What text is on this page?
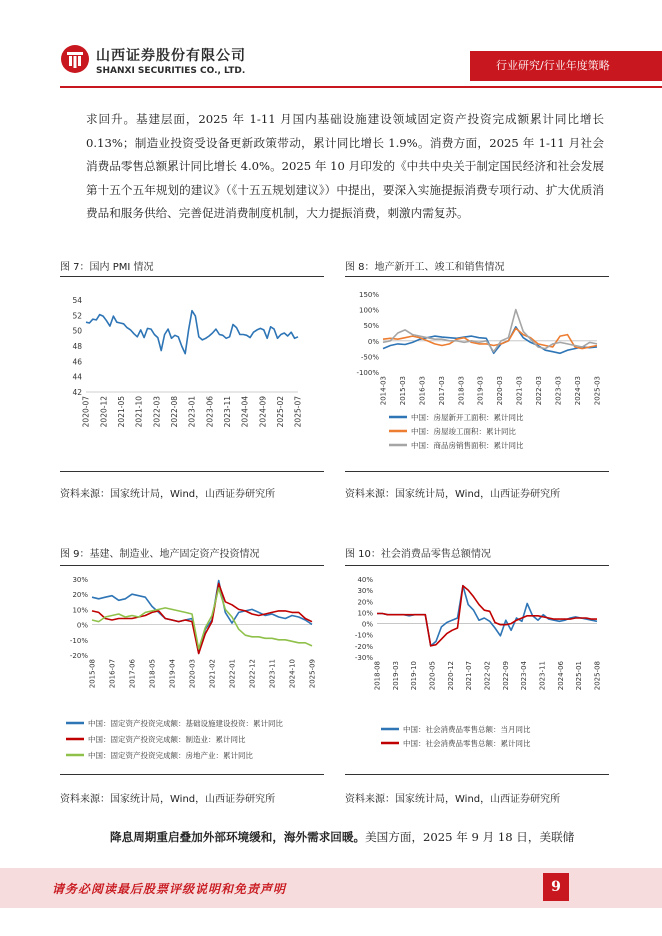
山西证券股份有限公司
SHANXI SECURITIES CO., LTD.	行业研究/行业年度策略
求回升。基建层面，2025 年 1-11 月国内基础设施建设领域固定资产投资完成额累计同比增长 0.13%；制造业投资受设备更新政策带动，累计同比增长 1.9%。消费方面，2025 年 1-11 月社会消费品零售总额累计同比增长 4.0%。2025 年 10 月印发的《中共中央关于制定国民经济和社会发展第十五个五年规划的建议》（《十五五规划建议》）中提出，要深入实施提振消费专项行动、扩大优质消费品和服务供给、完善促进消费制度机制，大力提振消费，刺激内需复苏。
图 7：国内 PMI 情况
42
44
46
48
50
52
54
2020-07 2020-12 2021-05 2021-10 2022-03 2022-08 2023-01 2023-06 2023-11 2024-04 2024-09 2025-02 2025-07
资料来源：国家统计局，Wind，山西证券研究所
图 8：地产新开工、竣工和销售情况
-100%
-50%
0%
50%
100%
150%
2014-03 2015-03 2016-03 2017-03 2018-03 2019-03 2020-03 2021-03 2022-03 2023-03 2024-03 2025-03
中国：房屋新开工面积：累计同比
中国：房屋竣工面积：累计同比
中国：商品房销售面积：累计同比
资料来源：国家统计局，Wind，山西证券研究所
图 9：基建、制造业、地产固定资产投资情况
-20%
-10%
0%
10%
20%
30%
2015-08 2016-07 2017-06 2018-05 2019-04 2020-03 2021-02 2022-01 2022-12 2023-11 2024-10 2025-09
中国：固定资产投资完成额：基础设施建设投资：累计同比
中国：固定资产投资完成额：制造业：累计同比
中国：固定资产投资完成额：房地产业：累计同比
资料来源：国家统计局，Wind，山西证券研究所
图 10：社会消费品零售总额情况
-30%
-20%
-10%
0%
10%
20%
30%
40%
2018-08 2019-03 2019-10 2020-05 2020-12 2021-07 2022-02 2022-09 2023-04 2023-11 2024-06 2025-01 2025-08
中国：社会消费品零售总额：当月同比
中国：社会消费品零售总额：累计同比
资料来源：国家统计局，Wind，山西证券研究所
降息周期重启叠加外部环境缓和，海外需求回暖。美国方面，2025 年 9 月 18 日，美联储
请务必阅读最后股票评级说明和免责声明	9
